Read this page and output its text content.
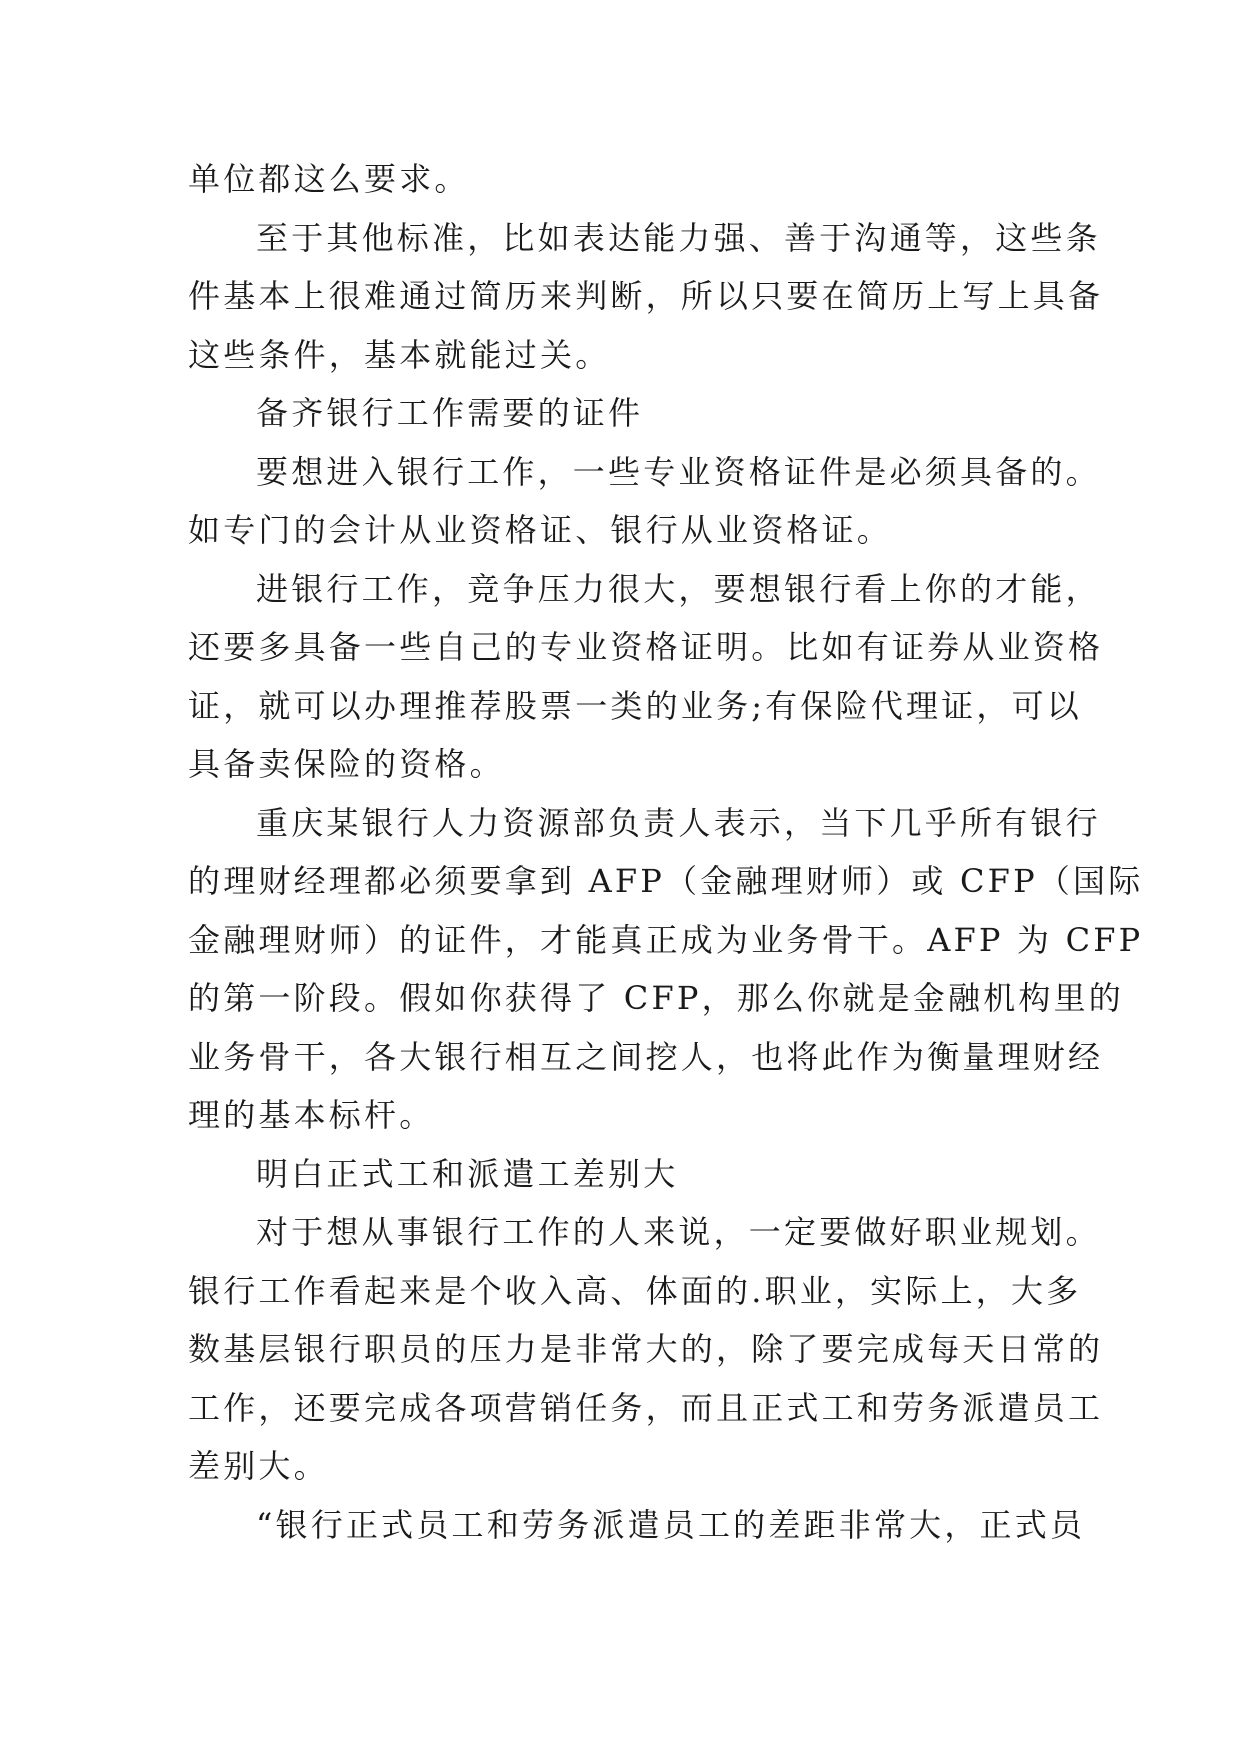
单位都这么要求。
至于其他标准，比如表达能力强、善于沟通等，这些条
件基本上很难通过简历来判断，所以只要在简历上写上具备
这些条件，基本就能过关。
备齐银行工作需要的证件
要想进入银行工作，一些专业资格证件是必须具备的。
如专门的会计从业资格证、银行从业资格证。
进银行工作，竞争压力很大，要想银行看上你的才能，
还要多具备一些自己的专业资格证明。比如有证券从业资格
证，就可以办理推荐股票一类的业务;有保险代理证，可以
具备卖保险的资格。
重庆某银行人力资源部负责人表示，当下几乎所有银行
的理财经理都必须要拿到 AFP（金融理财师）或 CFP（国际
金融理财师）的证件，才能真正成为业务骨干。AFP 为 CFP
的第一阶段。假如你获得了 CFP，那么你就是金融机构里的
业务骨干，各大银行相互之间挖人，也将此作为衡量理财经
理的基本标杆。
明白正式工和派遣工差别大
对于想从事银行工作的人来说，一定要做好职业规划。
银行工作看起来是个收入高、体面的.职业，实际上，大多
数基层银行职员的压力是非常大的，除了要完成每天日常的
工作，还要完成各项营销任务，而且正式工和劳务派遣员工
差别大。
“银行正式员工和劳务派遣员工的差距非常大，正式员
